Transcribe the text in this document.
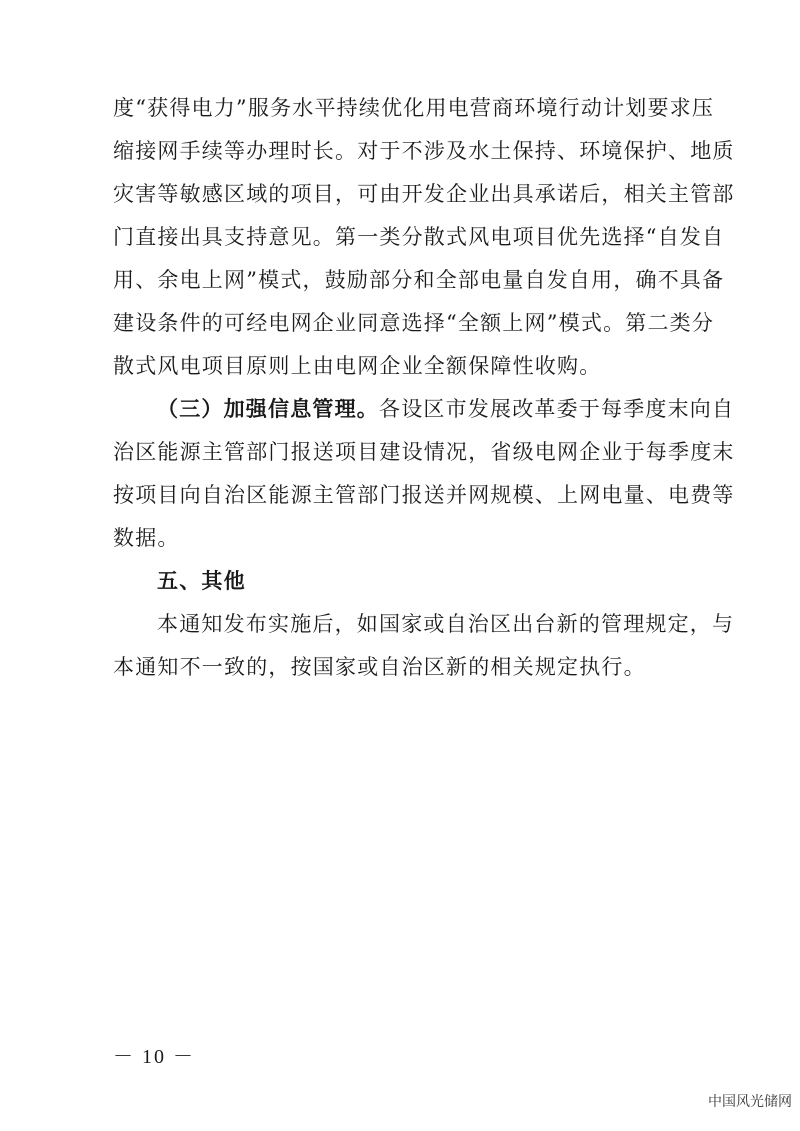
度“获得电力”服务水平持续优化用电营商环境行动计划要求压
缩接网手续等办理时长。对于不涉及水土保持、环境保护、地质
灾害等敏感区域的项目，可由开发企业出具承诺后，相关主管部
门直接出具支持意见。第一类分散式风电项目优先选择“自发自
用、余电上网”模式，鼓励部分和全部电量自发自用，确不具备
建设条件的可经电网企业同意选择“全额上网”模式。第二类分
散式风电项目原则上由电网企业全额保障性收购。
（三）加强信息管理。各设区市发展改革委于每季度末向自
治区能源主管部门报送项目建设情况，省级电网企业于每季度末
按项目向自治区能源主管部门报送并网规模、上网电量、电费等
数据。
五、其他
本通知发布实施后，如国家或自治区出台新的管理规定，与
本通知不一致的，按国家或自治区新的相关规定执行。
－ 10 －
中国风光储网
